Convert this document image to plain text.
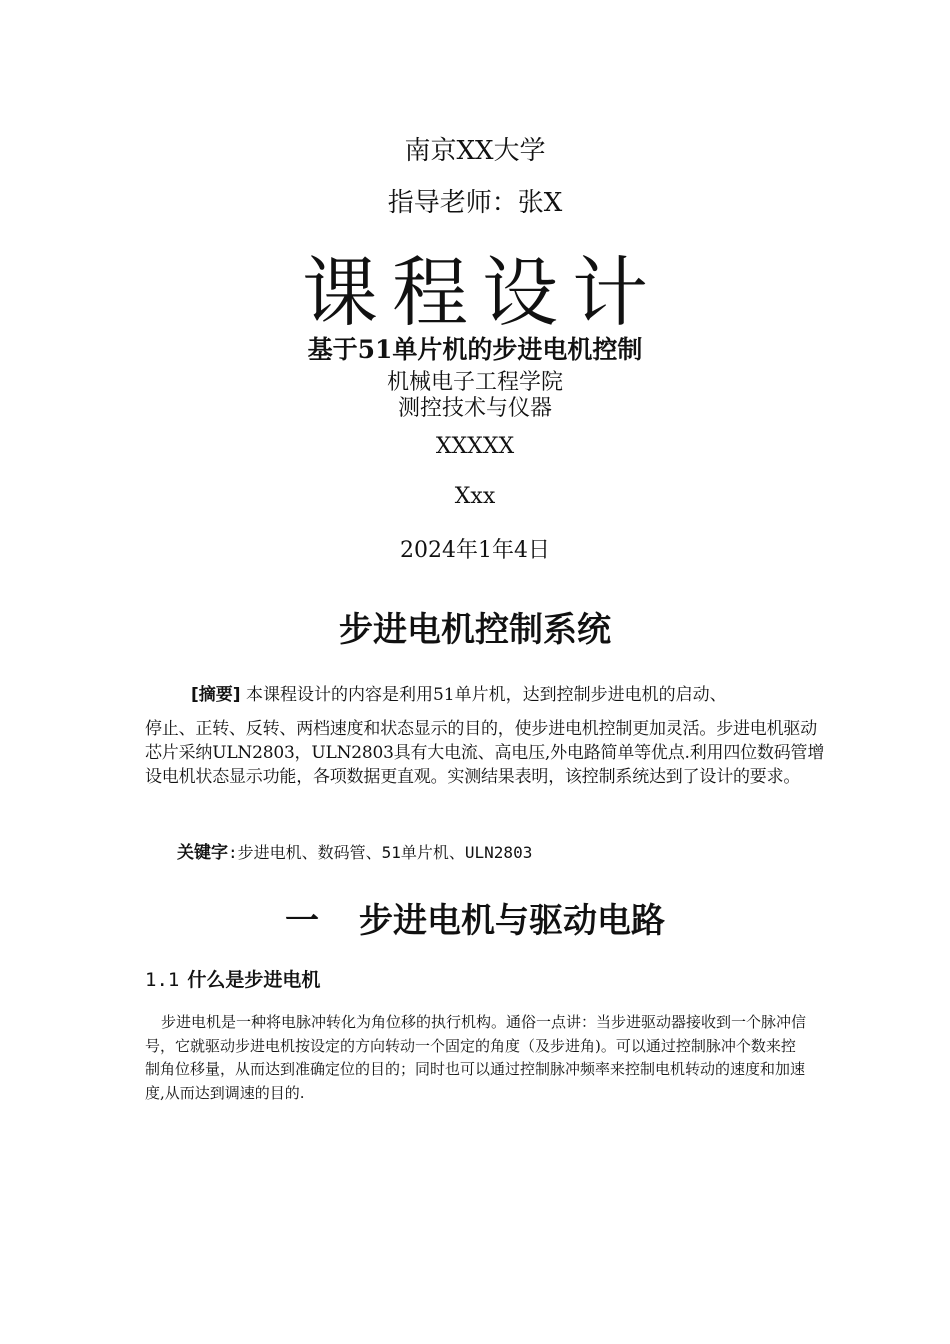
南京XX大学
指导老师：张X
课程设计
基于51单片机的步进电机控制
机械电子工程学院
测控技术与仪器
XXXXX
Xxx
2024年1年4日
步进电机控制系统

[摘要] 本课程设计的内容是利用51单片机，达到控制步进电机的启动、

停止、正转、反转、两档速度和状态显示的目的，使步进电机控制更加灵活。步进电机驱动芯片采纳ULN2803，ULN2803具有大电流、高电压,外电路简单等优点.利用四位数码管增设电机状态显示功能，各项数据更直观。实测结果表明，该控制系统达到了设计的要求。

关键字:步进电机、数码管、51单片机、ULN2803
一 步进电机与驱动电路
1.1 什么是步进电机

步进电机是一种将电脉冲转化为角位移的执行机构。通俗一点讲：当步进驱动器接收到一个脉冲信号，它就驱动步进电机按设定的方向转动一个固定的角度（及步进角)。可以通过控制脉冲个数来控制角位移量，从而达到准确定位的目的；同时也可以通过控制脉冲频率来控制电机转动的速度和加速度,从而达到调速的目的.
